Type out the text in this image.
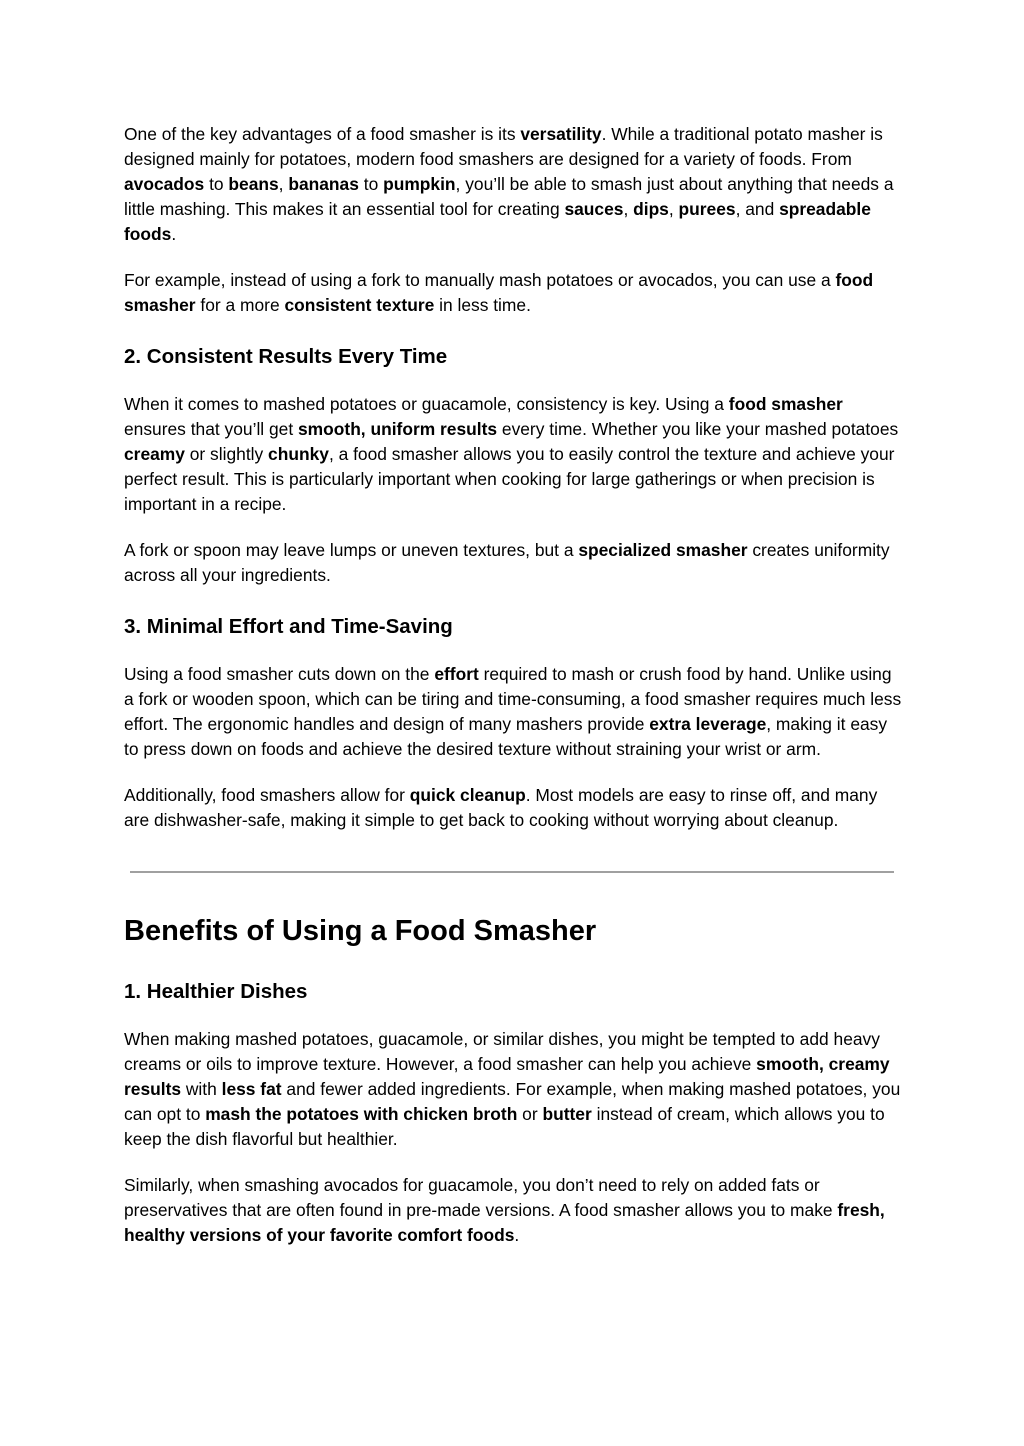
One of the key advantages of a food smasher is its versatility. While a traditional potato masher is designed mainly for potatoes, modern food smashers are designed for a variety of foods. From avocados to beans, bananas to pumpkin, you’ll be able to smash just about anything that needs a little mashing. This makes it an essential tool for creating sauces, dips, purees, and spreadable foods.

For example, instead of using a fork to manually mash potatoes or avocados, you can use a food smasher for a more consistent texture in less time.

2. Consistent Results Every Time

When it comes to mashed potatoes or guacamole, consistency is key. Using a food smasher ensures that you’ll get smooth, uniform results every time. Whether you like your mashed potatoes creamy or slightly chunky, a food smasher allows you to easily control the texture and achieve your perfect result. This is particularly important when cooking for large gatherings or when precision is important in a recipe.

A fork or spoon may leave lumps or uneven textures, but a specialized smasher creates uniformity across all your ingredients.

3. Minimal Effort and Time-Saving

Using a food smasher cuts down on the effort required to mash or crush food by hand. Unlike using a fork or wooden spoon, which can be tiring and time-consuming, a food smasher requires much less effort. The ergonomic handles and design of many mashers provide extra leverage, making it easy to press down on foods and achieve the desired texture without straining your wrist or arm.

Additionally, food smashers allow for quick cleanup. Most models are easy to rinse off, and many are dishwasher-safe, making it simple to get back to cooking without worrying about cleanup.

Benefits of Using a Food Smasher
1. Healthier Dishes

When making mashed potatoes, guacamole, or similar dishes, you might be tempted to add heavy creams or oils to improve texture. However, a food smasher can help you achieve smooth, creamy results with less fat and fewer added ingredients. For example, when making mashed potatoes, you can opt to mash the potatoes with chicken broth or butter instead of cream, which allows you to keep the dish flavorful but healthier.

Similarly, when smashing avocados for guacamole, you don’t need to rely on added fats or preservatives that are often found in pre-made versions. A food smasher allows you to make fresh, healthy versions of your favorite comfort foods.
